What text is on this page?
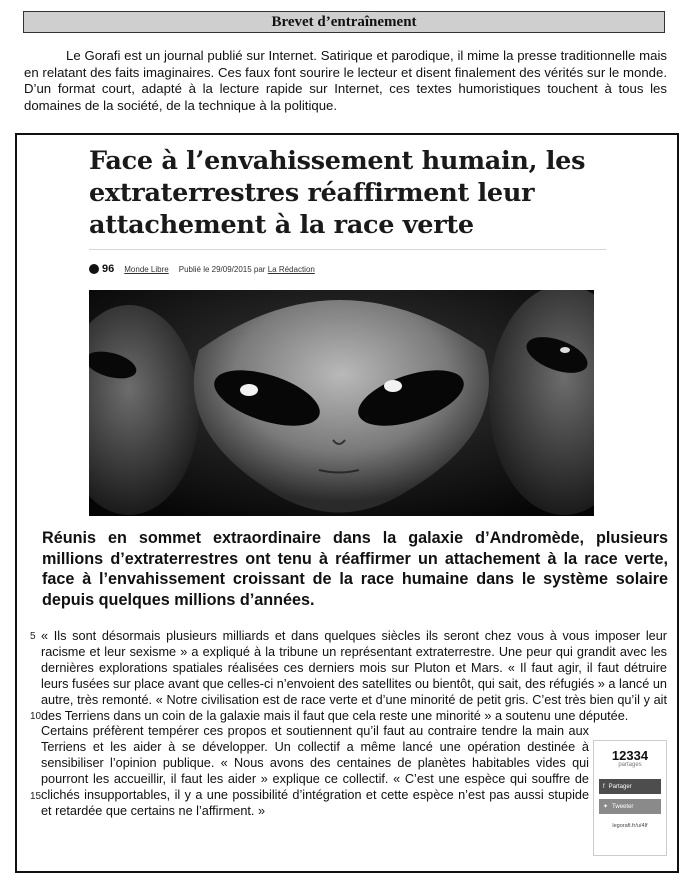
Brevet d’entraînement

Le Gorafi est un journal publié sur Internet. Satirique et parodique, il mime la presse traditionnelle mais en relatant des faits imaginaires. Ces faux font sourire le lecteur et disent finalement des vérités sur le monde. D’un format court, adapté à la lecture rapide sur Internet, ces textes humoristiques touchent à tous les domaines de la société, de la technique à la politique.

Face à l’envahissement humain, les extraterrestres réaffirment leur attachement à la race verte
96 Monde Libre Publié le 29/09/2015 par La Rédaction

Réunis en sommet extraordinaire dans la galaxie d’Andromède, plusieurs millions d’extraterrestres ont tenu à réaffirmer un attachement à la race verte, face à l’envahissement croissant de la race humaine dans le système solaire depuis quelques millions d’années.

5
10
15

« Ils sont désormais plusieurs milliards et dans quelques siècles ils seront chez vous à vous imposer leur racisme et leur sexisme » a expliqué à la tribune un représentant extraterrestre. Une peur qui grandit avec les dernières explorations spatiales réalisées ces derniers mois sur Pluton et Mars. « Il faut agir, il faut détruire leurs fusées sur place avant que celles-ci n’envoient des satellites ou bientôt, qui sait, des réfugiés » a lancé un autre, très remonté. « Notre civilisation est de race verte et d’une minorité de petit gris. C’est très bien qu’il y ait des Terriens dans un coin de la galaxie mais il faut que cela reste une minorité » a soutenu une députée.

Certains préfèrent tempérer ces propos et soutiennent qu’il faut au contraire tendre la main aux Terriens et les aider à se développer. Un collectif a même lancé une opération destinée à sensibiliser l’opinion publique. « Nous avons des centaines de planètes habitables vides qui pourront les accueillir, il faut les aider » explique ce collectif. « C’est une espèce qui souffre de clichés insupportables, il y a une possibilité d’intégration et cette espèce n’est pas aussi stupide et retardée que certains ne l’affirment. »

12334
partages
f Partager
✦ Tweeter
legorafi.fr/u/4If
